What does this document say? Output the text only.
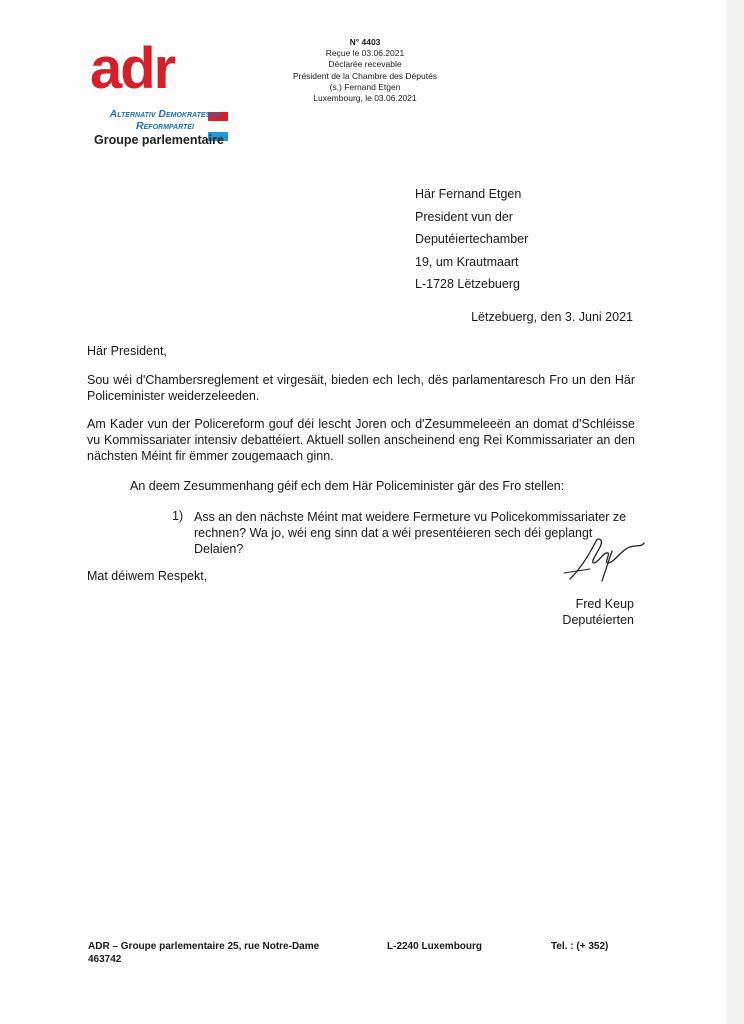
adr
Alternativ Demokratesch
Reformpartei
Groupe parlementaire
N° 4403
Reçue le 03.06.2021
Déclarée recevable
Président de la Chambre des Députés
(s.) Fernand Etgen
Luxembourg, le 03.06.2021
Här Fernand Etgen
President vun der
Deputéiertechamber
19, um Krautmaart
L-1728 Lëtzebuerg
Lëtzebuerg, den 3. Juni 2021
Här President,
Sou wéi d'Chambersreglement et virgesäit, bieden ech Iech, dës parlamentaresch Fro un den Här Policeminister weiderzeleeden.
Am Kader vun der Policereform gouf déi lescht Joren och d'Zesummeleeën an domat d'Schléisse vu Kommissariater intensiv debattéiert. Aktuell sollen anscheinend eng Rei Kommissariater an den nächsten Méint fir ëmmer zougemaach ginn.
An deem Zesummenhang géif ech dem Här Policeminister gär des Fro stellen:
1) Ass an den nächste Méint mat weidere Fermeture vu Policekommissariater ze rechnen? Wa jo, wéi eng sinn dat a wéi presentéieren sech déi geplangt Delaien?
Mat déiwem Respekt,
Fred Keup
Deputéierten
ADR – Groupe parlementaire 25, rue Notre-Dame
463742
L-2240 Luxembourg	Tel. : (+ 352)
